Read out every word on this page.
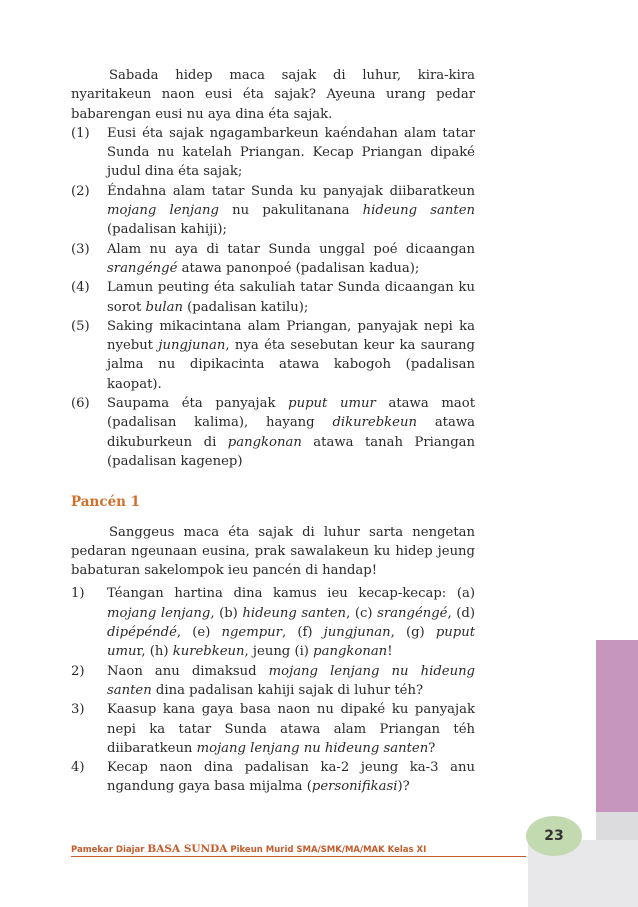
Sabada hidep maca sajak di luhur, kira-kira nyaritakeun naon eusi éta sajak? Ayeuna urang pedar babarengan eusi nu aya dina éta sajak.

(1)	Eusi éta sajak ngagambarkeun kaéndahan alam tatar Sunda nu katelah Priangan. Kecap Priangan dipaké judul dina éta sajak;
(2)	Éndahna alam tatar Sunda ku panyajak diibaratkeun mojang lenjang nu pakulitanana hideung santen (padalisan kahiji);
(3)	Alam nu aya di tatar Sunda unggal poé dicaangan srangéngé atawa panonpoé (padalisan kadua);
(4)	Lamun peuting éta sakuliah tatar Sunda dicaangan ku sorot bulan (padalisan katilu);
(5)	Saking mikacintana alam Priangan, panyajak nepi ka nyebut jungjunan, nya éta sesebutan keur ka saurang jalma nu dipikacinta atawa kabogoh (padalisan kaopat).
(6)	Saupama éta panyajak puput umur atawa maot (padalisan kalima), hayang dikurebkeun atawa dikuburkeun di pangkonan atawa tanah Priangan (padalisan kagenep)
Pancén 1

Sanggeus maca éta sajak di luhur sarta nengetan pedaran ngeunaan eusina, prak sawalakeun ku hidep jeung babaturan sakelompok ieu pancén di handap!

1)	Téangan hartina dina kamus ieu kecap-kecap: (a) mojang lenjang, (b) hideung santen, (c) srangéngé, (d) dipépéndé, (e) ngempur, (f) jungjunan, (g) puput umur, (h) kurebkeun, jeung (i) pangkonan!
2)	Naon anu dimaksud mojang lenjang nu hideung santen dina padalisan kahiji sajak di luhur téh?
3)	Kaasup kana gaya basa naon nu dipaké ku panyajak nepi ka tatar Sunda atawa alam Priangan téh diibaratkeun mojang lenjang nu hideung santen?
4)	Kecap naon dina padalisan ka-2 jeung ka-3 anu ngandung gaya basa mijalma (personifikasi)?
Pamekar Diajar BASA SUNDA Pikeun Murid SMA/SMK/MA/MAK Kelas XI
23
